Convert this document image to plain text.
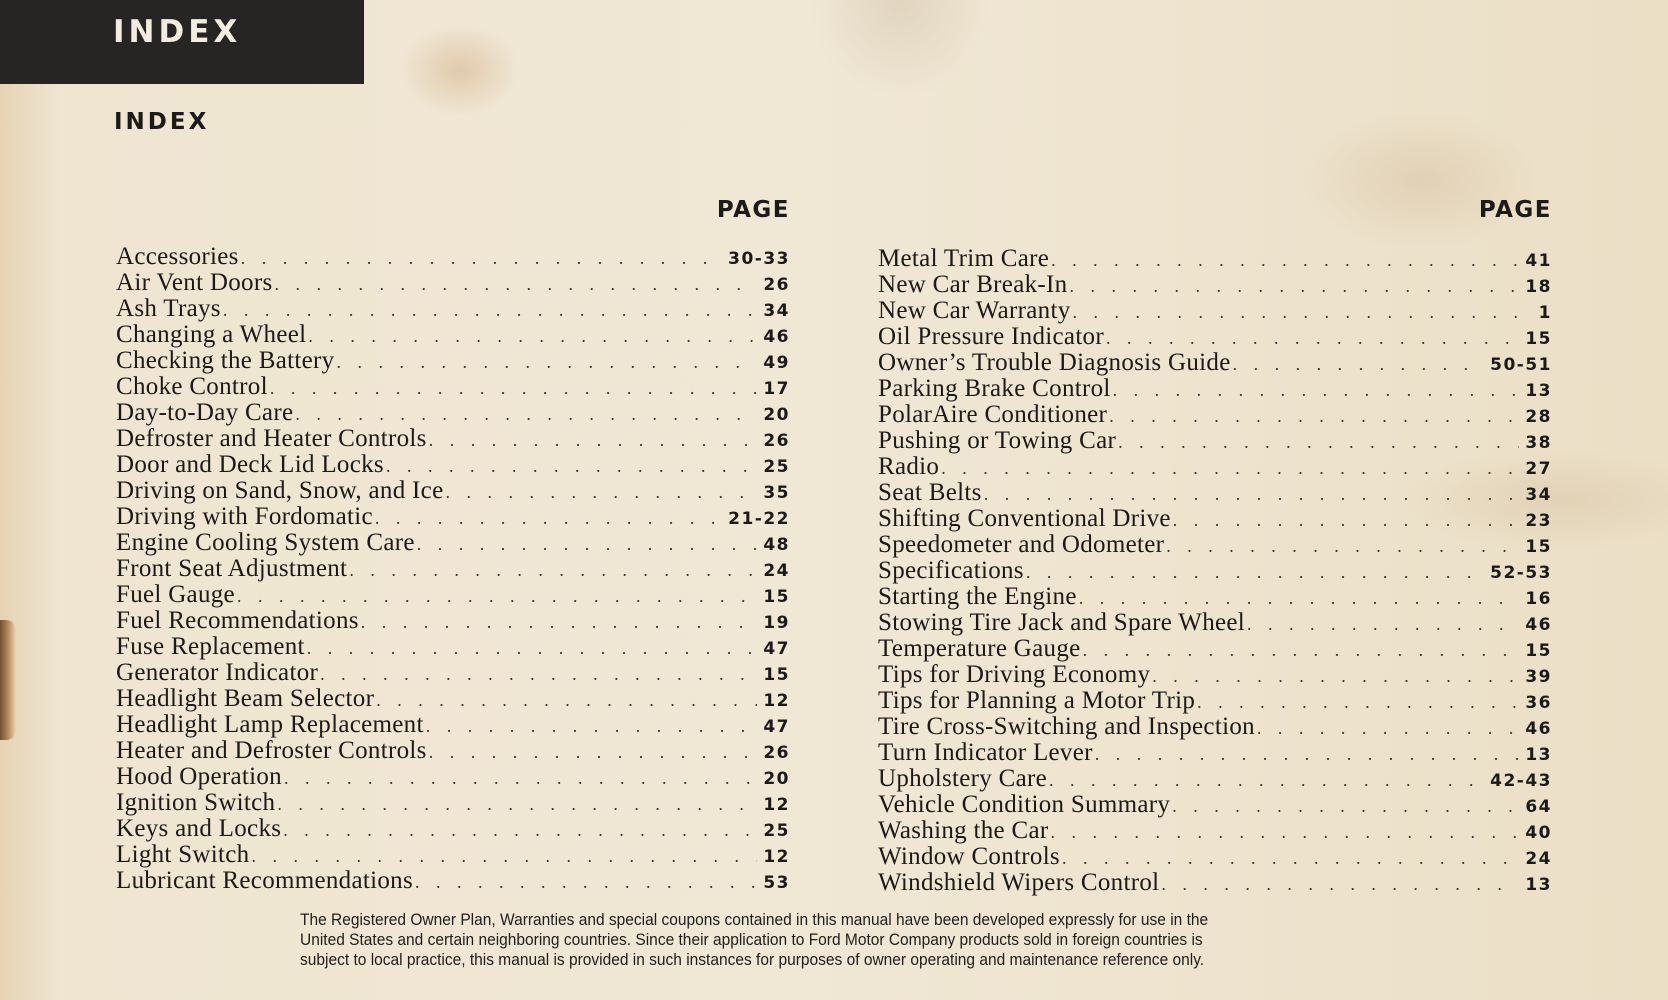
INDEX
INDEX
PAGE	PAGE
Accessories . . .	30-33
Air Vent Doors . . .	26
Ash Trays . . .	34
Changing a Wheel . . .	46
Checking the Battery . . .	49
Choke Control . . .	17
Day-to-Day Care . . .	20
Defroster and Heater Controls . . .	26
Door and Deck Lid Locks . . .	25
Driving on Sand, Snow, and Ice . . .	35
Driving with Fordomatic . . .	21-22
Engine Cooling System Care . . .	48
Front Seat Adjustment . . .	24
Fuel Gauge . . .	15
Fuel Recommendations . . .	19
Fuse Replacement . . .	47
Generator Indicator . . .	15
Headlight Beam Selector . . .	12
Headlight Lamp Replacement . . .	47
Heater and Defroster Controls . . .	26
Hood Operation . . .	20
Ignition Switch . . .	12
Keys and Locks . . .	25
Light Switch . . .	12
Lubricant Recommendations . . .	53
Metal Trim Care . . .	41
New Car Break-In . . .	18
New Car Warranty . . .	1
Oil Pressure Indicator . . .	15
Owner’s Trouble Diagnosis Guide . . .	50-51
Parking Brake Control . . .	13
PolarAire Conditioner . . .	28
Pushing or Towing Car . . .	38
Radio . . .	27
Seat Belts . . .	34
Shifting Conventional Drive . . .	23
Speedometer and Odometer . . .	15
Specifications . . .	52-53
Starting the Engine . . .	16
Stowing Tire Jack and Spare Wheel . . .	46
Temperature Gauge . . .	15
Tips for Driving Economy . . .	39
Tips for Planning a Motor Trip . . .	36
Tire Cross-Switching and Inspection . . .	46
Turn Indicator Lever . . .	13
Upholstery Care . . .	42-43
Vehicle Condition Summary . . .	64
Washing the Car . . .	40
Window Controls . . .	24
Windshield Wipers Control . . .	13

The Registered Owner Plan, Warranties and special coupons contained in this manual have been developed expressly for use in the

United States and certain neighboring countries. Since their application to Ford Motor Company products sold in foreign countries is

subject to local practice, this manual is provided in such instances for purposes of owner operating and maintenance reference only.
